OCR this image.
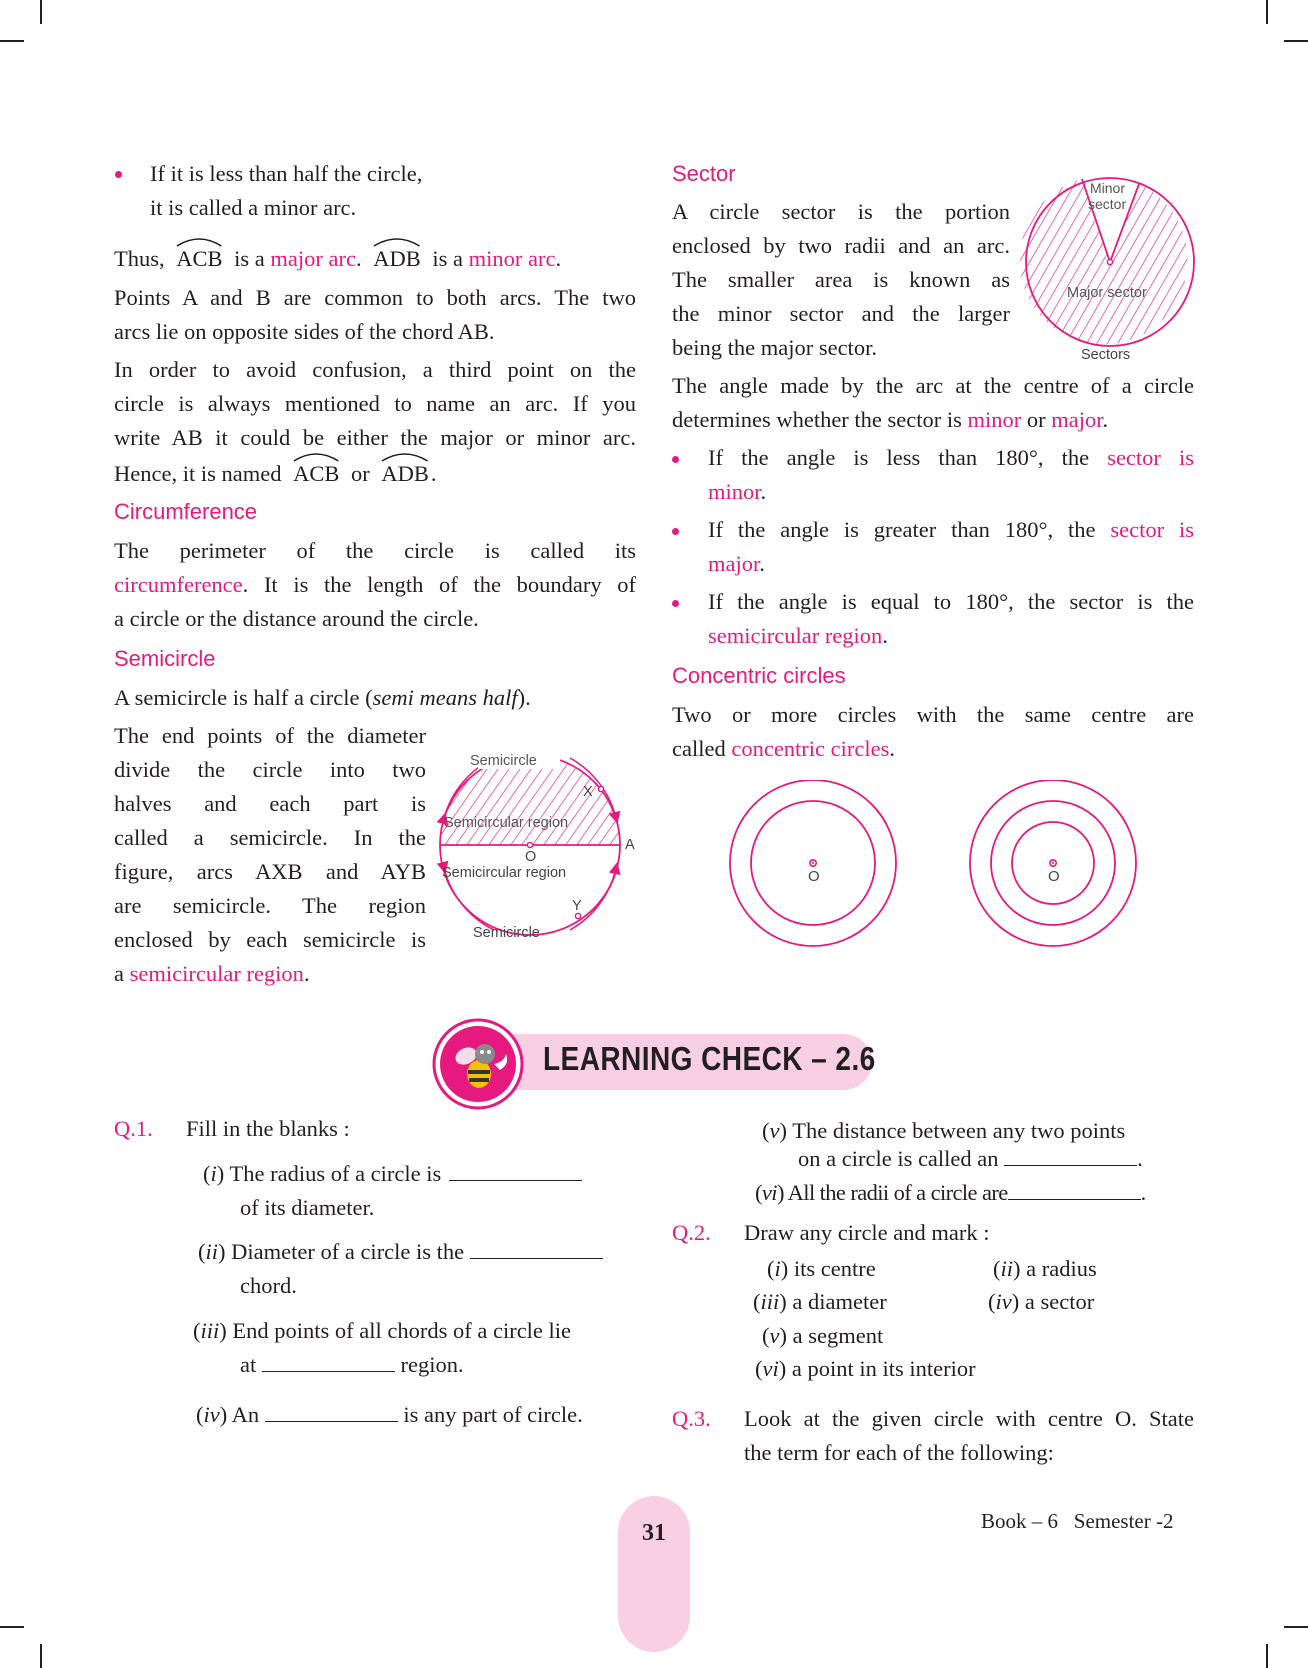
If it is less than half the circle,
it is called a minor arc.
Thus, ACB is a major arc. ADB is a minor arc.
Points A and B are common to both arcs. The two
arcs lie on opposite sides of the chord AB.
In order to avoid confusion, a third point on the
circle is always mentioned to name an arc. If you
write AB it could be either the major or minor arc.
Hence, it is named ACB or ADB.
Circumference
The perimeter of the circle is called its
circumference. It is the length of the boundary of
a circle or the distance around the circle.
Semicircle
A semicircle is half a circle (semi means half).
The end points of the diameter
divide the circle into two
halves and each part is
called a semicircle. In the
figure, arcs AXB and AYB
are semicircle. The region
enclosed by each semicircle is
a semicircular region.
Semicircle
Semicircular region
Semicircular region
Semicircle
A
O
X
Y
Sector
A circle sector is the portion
enclosed by two radii and an arc.
The smaller area is known as
the minor sector and the larger
being the major sector.
Minor
sector
Major sector
Sectors
The angle made by the arc at the centre of a circle
determines whether the sector is minor or major.
If the angle is less than 180°, the sector is
minor.
If the angle is greater than 180°, the sector is
major.
If the angle is equal to 180°, the sector is the
semicircular region.
Concentric circles
Two or more circles with the same centre are
called concentric circles.
O	O
LEARNING CHECK – 2.6
Q.1. Fill in the blanks :
(i) The radius of a circle is
of its diameter.
(ii) Diameter of a circle is the
chord.
(iii) End points of all chords of a circle lie
at	region.
(iv) An	is any part of circle.
(v) The distance between any two points
on a circle is called an	.
(vi) All the radii of a circle are	.
Q.2. Draw any circle and mark :
(i) its centre	(ii) a radius
(iii) a diameter	(iv) a sector
(v) a segment
(vi) a point in its interior
Q.3. Look at the given circle with centre O. State
the term for each of the following:
31	Book – 6 Semester -2
